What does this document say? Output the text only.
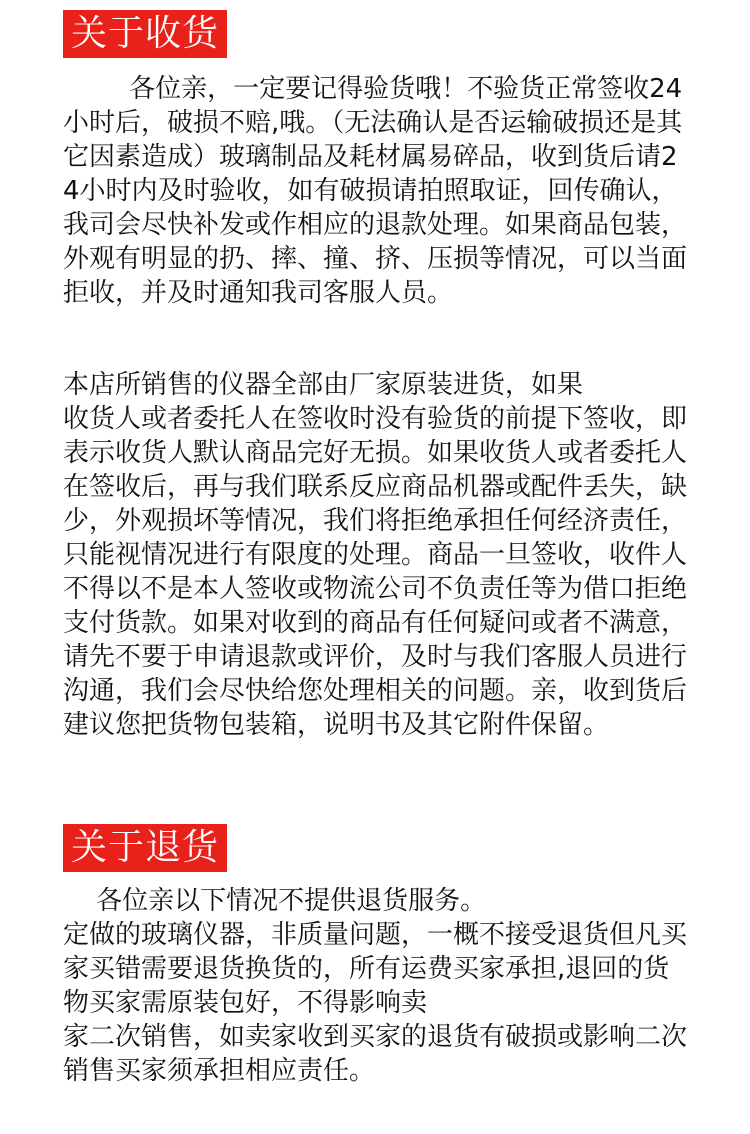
关于收货

各位亲，一定要记得验货哦！不验货正常签收24小时后，破损不赔,哦。（无法确认是否运输破损还是其它因素造成）玻璃制品及耗材属易碎品，收到货后请24小时内及时验收，如有破损请拍照取证，回传确认，我司会尽快补发或作相应的退款处理。如果商品包装，外观有明显的扔、摔、撞、挤、压损等情况，可以当面拒收，并及时通知我司客服人员。

本店所销售的仪器全部由厂家原装进货，如果
收货人或者委托人在签收时没有验货的前提下签收，即表示收货人默认商品完好无损。如果收货人或者委托人在签收后，再与我们联系反应商品机器或配件丢失，缺少，外观损坏等情况，我们将拒绝承担任何经济责任，只能视情况进行有限度的处理。商品一旦签收，收件人不得以不是本人签收或物流公司不负责任等为借口拒绝支付货款。如果对收到的商品有任何疑问或者不满意，请先不要于申请退款或评价，及时与我们客服人员进行沟通，我们会尽快给您处理相关的问题。亲，收到货后建议您把货物包装箱，说明书及其它附件保留。

关于退货

各位亲以下情况不提供退货服务。
定做的玻璃仪器，非质量问题，一概不接受退货但凡买家买错需要退货换货的，所有运费买家承担,退回的货物买家需原装包好，不得影响卖
家二次销售，如卖家收到买家的退货有破损或影响二次销售买家须承担相应责任。
